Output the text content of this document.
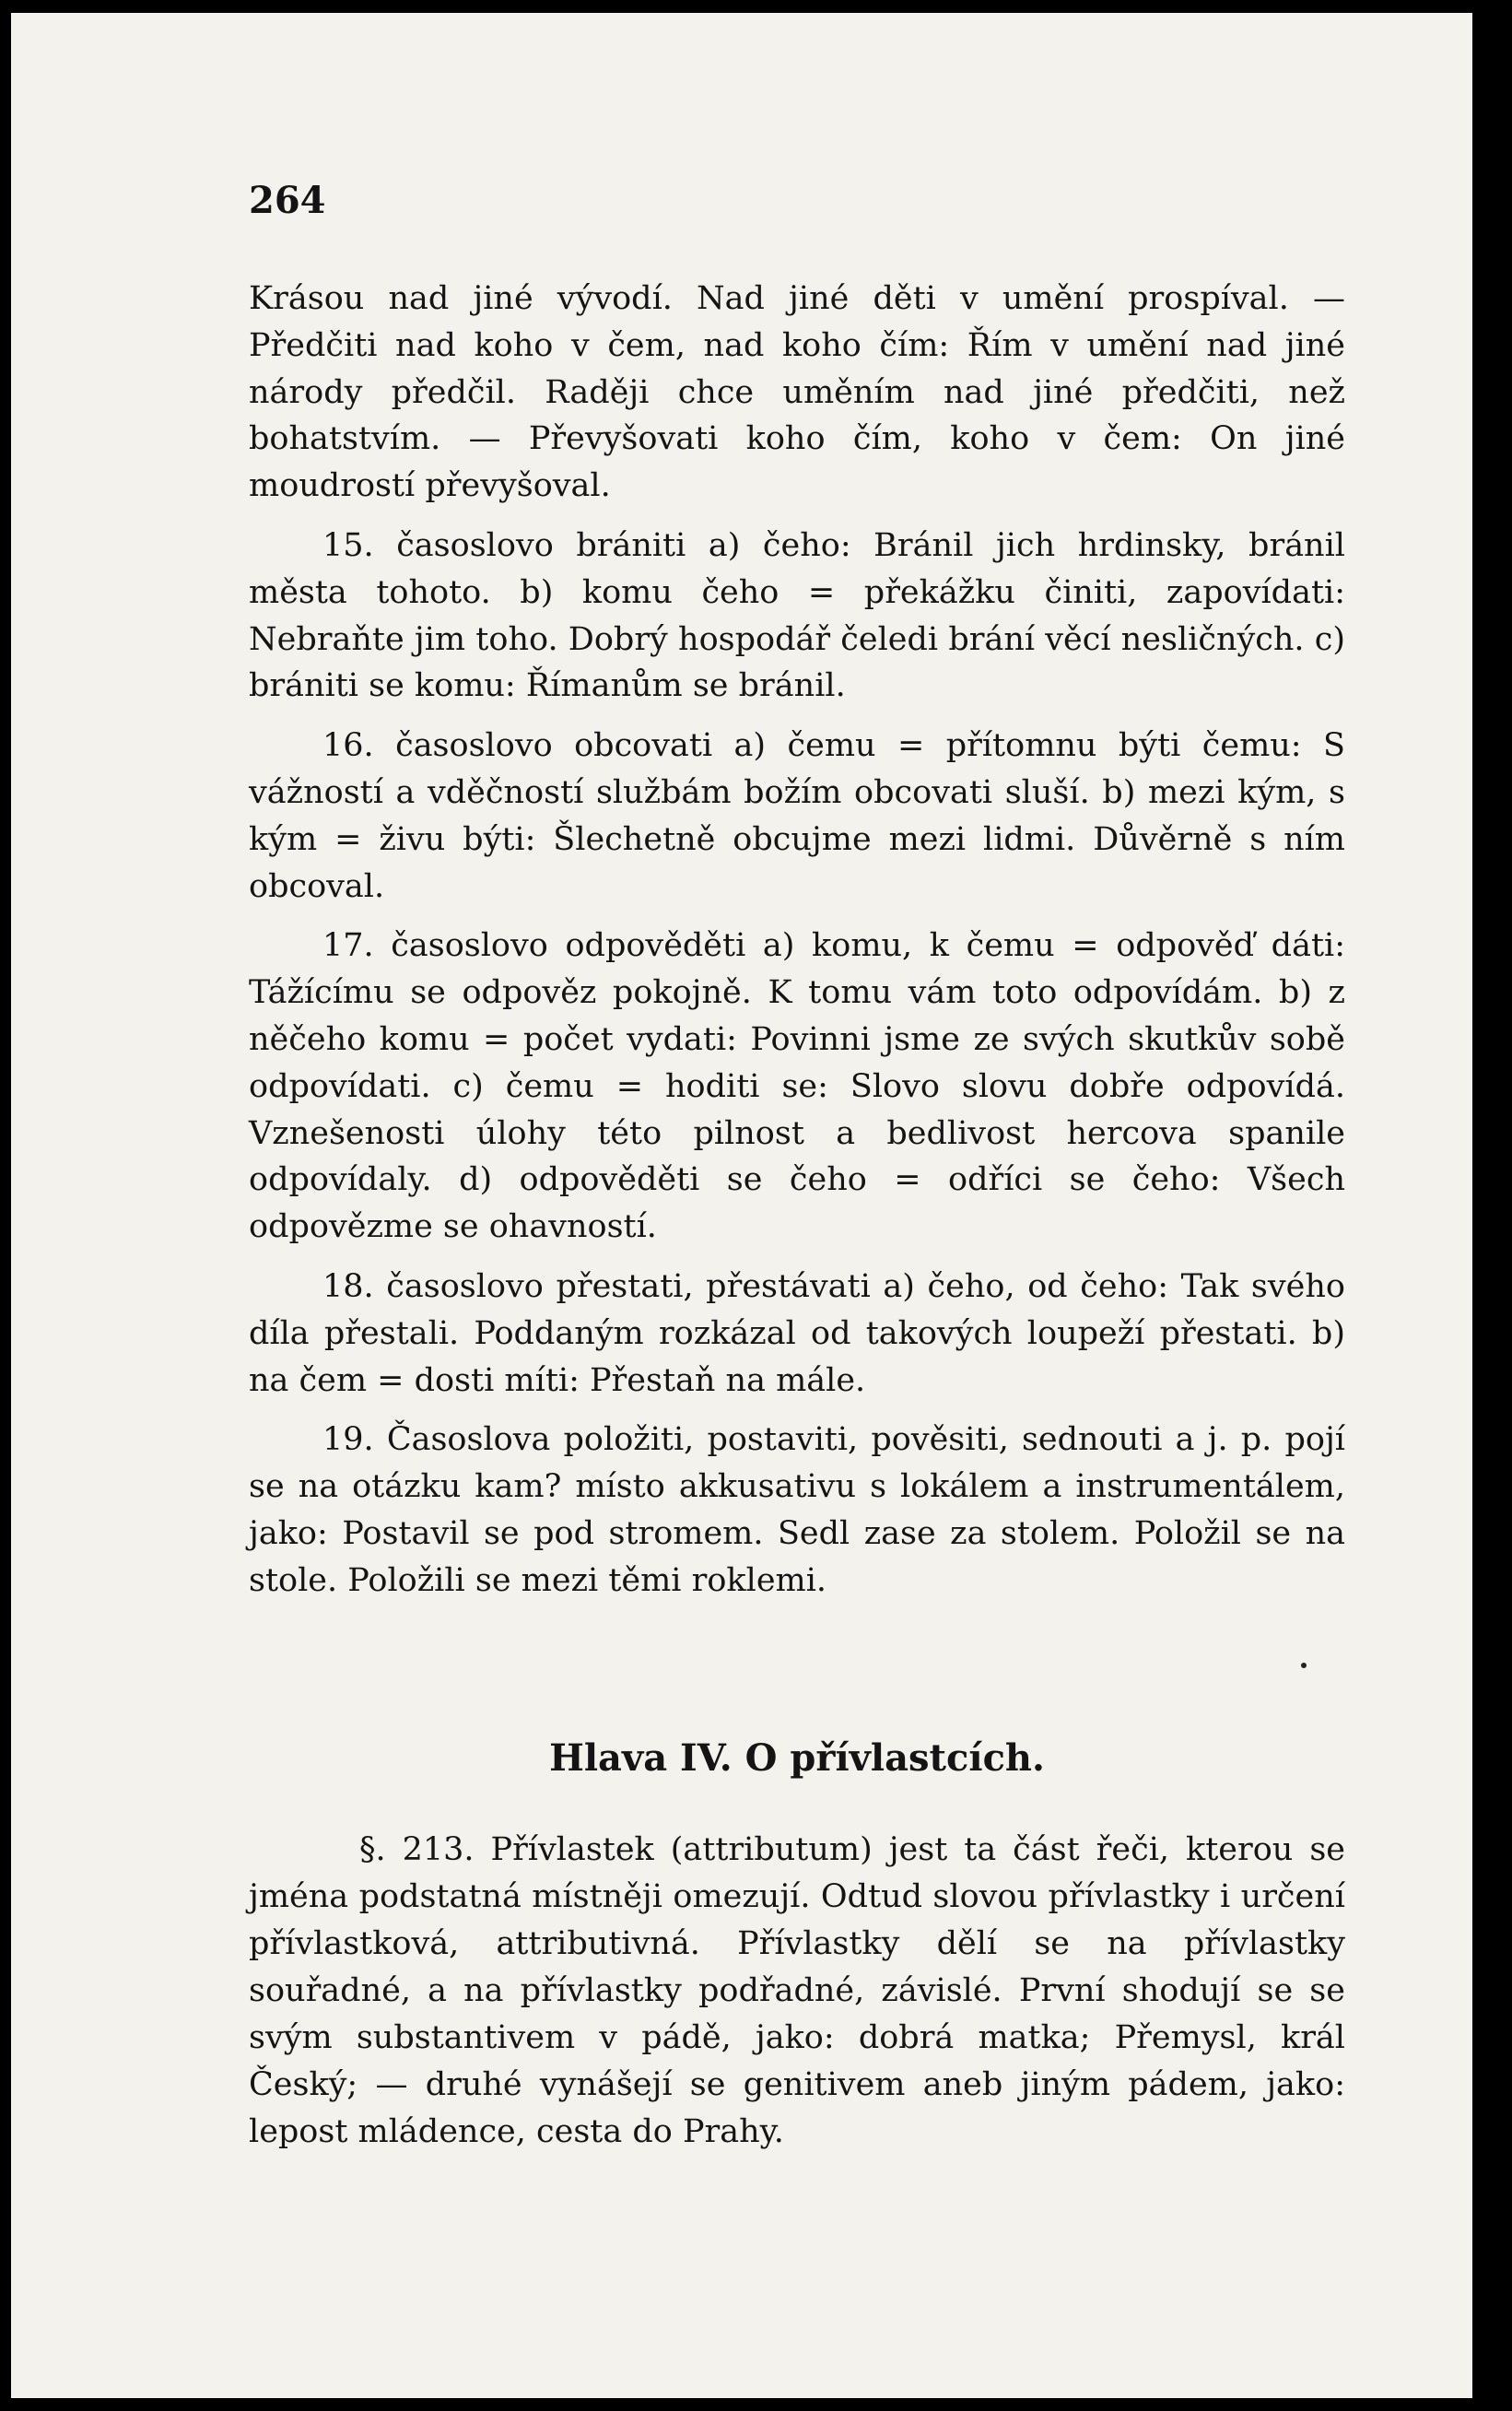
264

Krásou nad jiné vývodí. Nad jiné děti v umění prospíval. — Předčiti nad koho v čem, nad koho čím: Řím v umění nad jiné národy předčil. Raději chce uměním nad jiné předčiti, než bohatstvím. — Převyšovati koho čím, koho v čem: On jiné moudrostí převyšoval.

15. časoslovo brániti a) čeho: Bránil jich hrdinsky, bránil města tohoto. b) komu čeho = překážku činiti, zapovídati: Nebraňte jim toho. Dobrý hospodář čeledi brání věcí nesličných. c) brániti se komu: Římanům se bránil.

16. časoslovo obcovati a) čemu = přítomnu býti čemu: S vážností a vděčností službám božím obcovati sluší. b) mezi kým, s kým = živu býti: Šlechetně obcujme mezi lidmi. Důvěrně s ním obcoval.

17. časoslovo odpověděti a) komu, k čemu = odpověď dáti: Tážícímu se odpověz pokojně. K tomu vám toto odpovídám. b) z něčeho komu = počet vydati: Povinni jsme ze svých skutkův sobě odpovídati. c) čemu = hoditi se: Slovo slovu dobře odpovídá. Vznešenosti úlohy této pilnost a bedlivost hercova spanile odpovídaly. d) odpověděti se čeho = odříci se čeho: Všech odpovězme se ohavností.

18. časoslovo přestati, přestávati a) čeho, od čeho: Tak svého díla přestali. Poddaným rozkázal od takových loupeží přestati. b) na čem = dosti míti: Přestaň na mále.

19. Časoslova položiti, postaviti, pověsiti, sednouti a j. p. pojí se na otázku kam? místo akkusativu s lokálem a instrumentálem, jako: Postavil se pod stromem. Sedl zase za stolem. Položil se na stole. Položili se mezi těmi roklemi.

Hlava IV. O přívlastcích.

§. 213. Přívlastek (attributum) jest ta část řeči, kterou se jména podstatná místněji omezují. Odtud slovou přívlastky i určení přívlastková, attributivná. Přívlastky dělí se na přívlastky souřadné, a na přívlastky podřadné, závislé. První shodují se se svým substantivem v pádě, jako: dobrá matka; Přemysl, král Český; — druhé vynášejí se genitivem aneb jiným pádem, jako: lepost mládence, cesta do Prahy.
